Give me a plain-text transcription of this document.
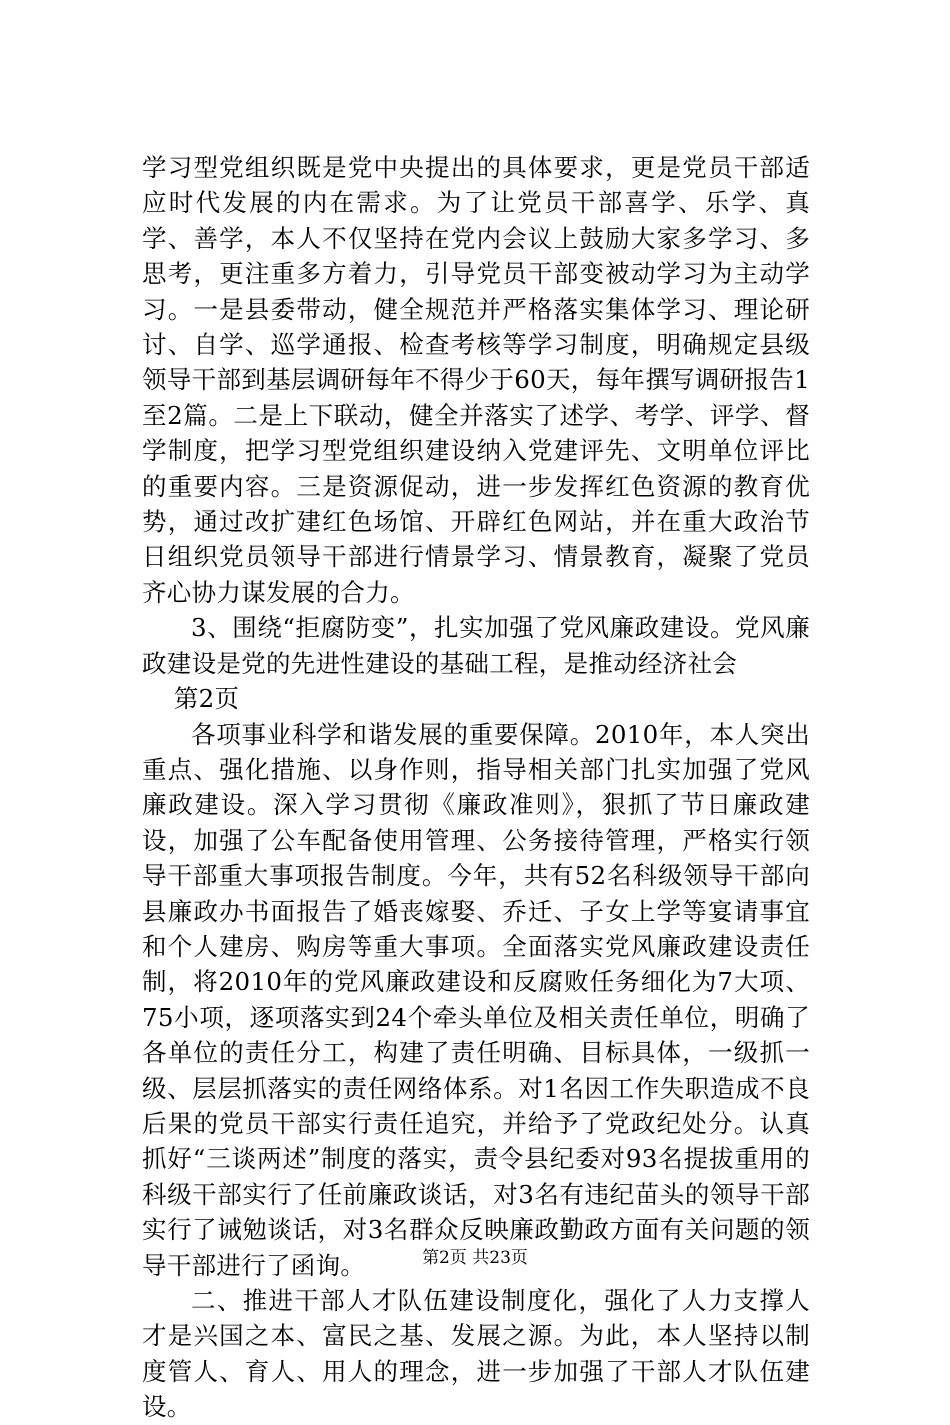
学习型党组织既是党中央提出的具体要求，更是党员干部适应时代发展的内在需求。为了让党员干部喜学、乐学、真学、善学，本人不仅坚持在党内会议上鼓励大家多学习、多思考，更注重多方着力，引导党员干部变被动学习为主动学习。一是县委带动，健全规范并严格落实集体学习、理论研讨、自学、巡学通报、检查考核等学习制度，明确规定县级领导干部到基层调研每年不得少于60天，每年撰写调研报告1至2篇。二是上下联动，健全并落实了述学、考学、评学、督学制度，把学习型党组织建设纳入党建评先、文明单位评比的重要内容。三是资源促动，进一步发挥红色资源的教育优势，通过改扩建红色场馆、开辟红色网站，并在重大政治节日组织党员领导干部进行情景学习、情景教育，凝聚了党员齐心协力谋发展的合力。

3、围绕“拒腐防变”，扎实加强了党风廉政建设。党风廉政建设是党的先进性建设的基础工程，是推动经济社会

第2页

各项事业科学和谐发展的重要保障。2010年，本人突出重点、强化措施、以身作则，指导相关部门扎实加强了党风廉政建设。深入学习贯彻《廉政准则》，狠抓了节日廉政建设，加强了公车配备使用管理、公务接待管理，严格实行领导干部重大事项报告制度。今年，共有52名科级领导干部向县廉政办书面报告了婚丧嫁娶、乔迁、子女上学等宴请事宜和个人建房、购房等重大事项。全面落实党风廉政建设责任制，将2010年的党风廉政建设和反腐败任务细化为7大项、75小项，逐项落实到24个牵头单位及相关责任单位，明确了各单位的责任分工，构建了责任明确、目标具体，一级抓一级、层层抓落实的责任网络体系。对1名因工作失职造成不良后果的党员干部实行责任追究，并给予了党政纪处分。认真抓好“三谈两述”制度的落实，责令县纪委对93名提拔重用的科级干部实行了任前廉政谈话，对3名有违纪苗头的领导干部实行了诫勉谈话，对3名群众反映廉政勤政方面有关问题的领导干部进行了函询。

二、推进干部人才队伍建设制度化，强化了人力支撑人才是兴国之本、富民之基、发展之源。为此，本人坚持以制度管人、育人、用人的理念，进一步加强了干部人才队伍建设。

第2页 共23页
